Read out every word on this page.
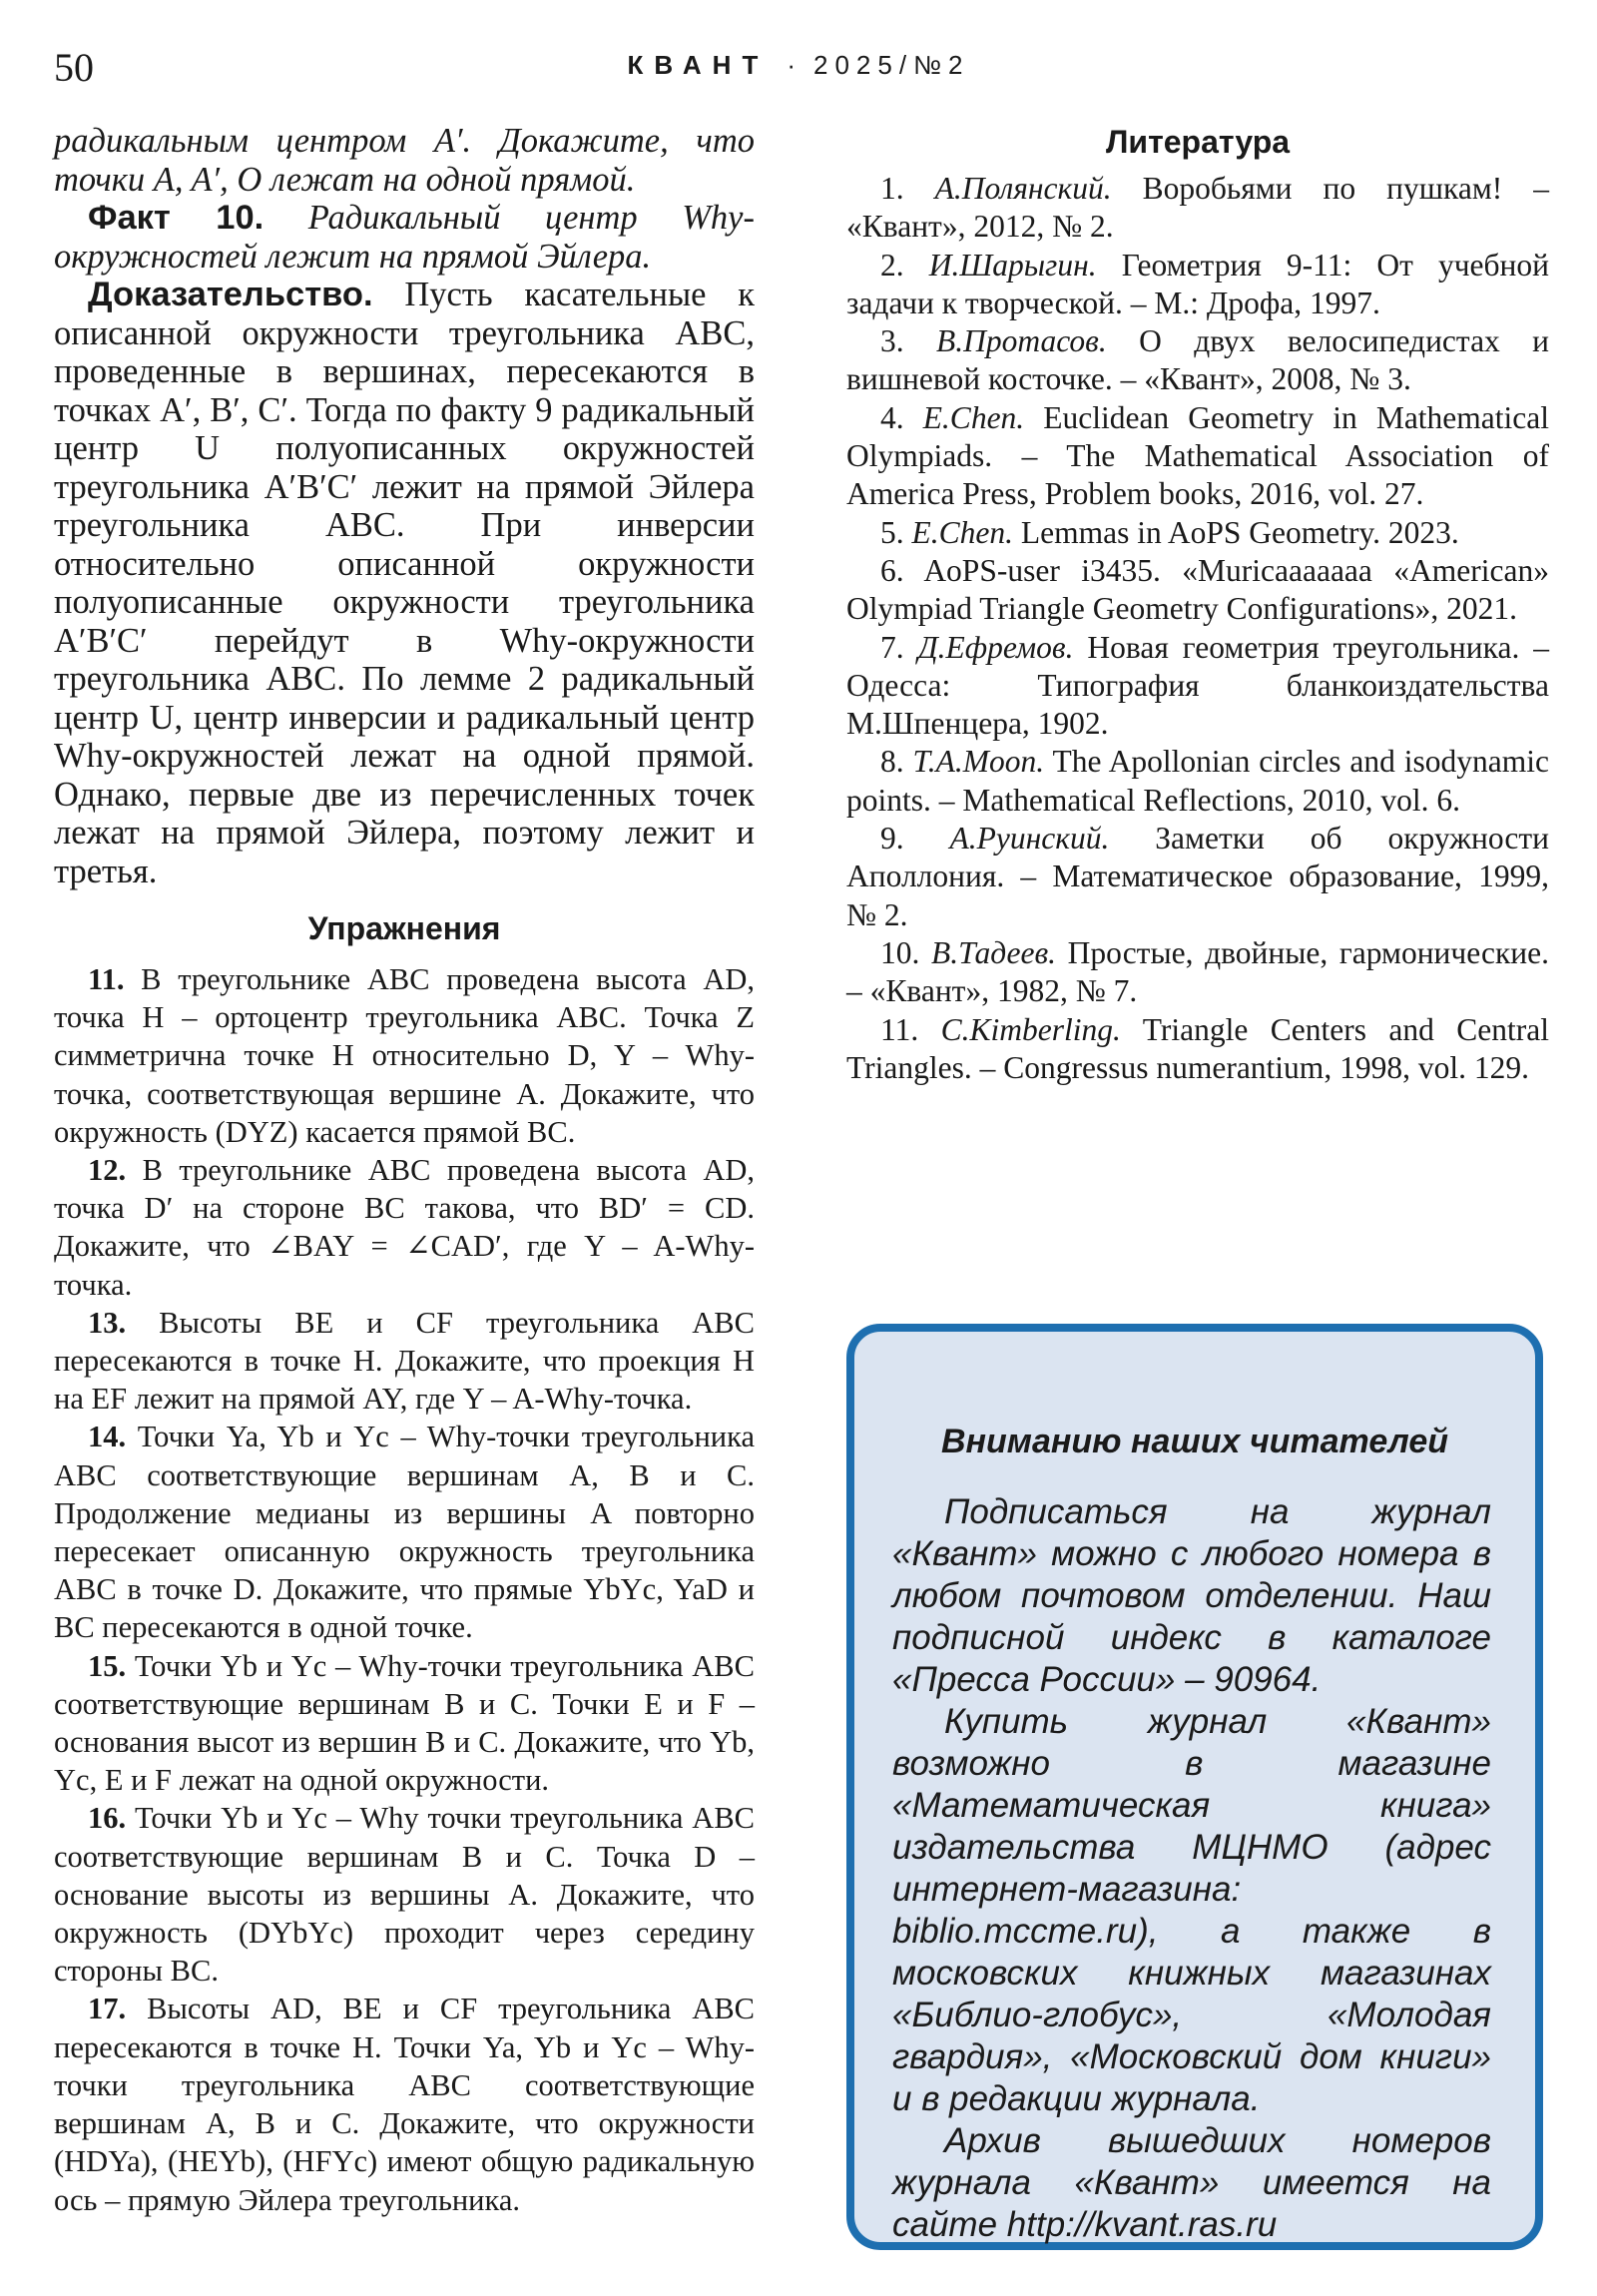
50	КВАНТ · 2025/№2

радикальным центром A′. Докажите, что точки A, A′, O лежат на одной прямой.

Факт 10. Радикальный центр Why-окружностей лежит на прямой Эйлера.

Доказательство. Пусть касательные к описанной окружности треугольника ABC, проведенные в вершинах, пересекаются в точках A′, B′, C′. Тогда по факту 9 радикальный центр U полуописанных окружностей треугольника A′B′C′ лежит на прямой Эйлера треугольника ABC. При инверсии относительно описанной окружности полуописанные окружности треугольника A′B′C′ перейдут в Why-окружности треугольника ABC. По лемме 2 радикальный центр U, центр инверсии и радикальный центр Why-окружностей лежат на одной прямой. Однако, первые две из перечисленных точек лежат на прямой Эйлера, поэтому лежит и третья.

Упражнения

11. В треугольнике ABC проведена высота AD, точка H – ортоцентр треугольника ABC. Точка Z симметрична точке H относительно D, Y – Why-точка, соответствующая вершине A. Докажите, что окружность (DYZ) касается прямой BC.

12. В треугольнике ABC проведена высота AD, точка D′ на стороне BC такова, что BD′ = CD. Докажите, что ∠BAY = ∠CAD′, где Y – A-Why-точка.

13. Высоты BE и CF треугольника ABC пересекаются в точке H. Докажите, что проекция H на EF лежит на прямой AY, где Y – A-Why-точка.

14. Точки Ya, Yb и Yc – Why-точки треугольника ABC соответствующие вершинам A, B и C. Продолжение медианы из вершины A повторно пересекает описанную окружность треугольника ABC в точке D. Докажите, что прямые YbYc, YaD и BC пересекаются в одной точке.

15. Точки Yb и Yc – Why-точки треугольника ABC соответствующие вершинам B и C. Точки E и F – основания высот из вершин B и C. Докажите, что Yb, Yc, E и F лежат на одной окружности.

16. Точки Yb и Yc – Why точки треугольника ABC соответствующие вершинам B и C. Точка D – основание высоты из вершины A. Докажите, что окружность (DYbYc) проходит через середину стороны BC.

17. Высоты AD, BE и CF треугольника ABC пересекаются в точке H. Точки Ya, Yb и Yc – Why-точки треугольника ABC соответствующие вершинам A, B и C. Докажите, что окружности (HDYa), (HEYb), (HFYc) имеют общую радикальную ось – прямую Эйлера треугольника.

Литература

1. А.Полянский. Воробьями по пушкам! – «Квант», 2012, № 2.

2. И.Шарыгин. Геометрия 9-11: От учебной задачи к творческой. – М.: Дрофа, 1997.

3. В.Протасов. О двух велосипедистах и вишневой косточке. – «Квант», 2008, № 3.

4. E.Chen. Euclidean Geometry in Mathematical Olympiads. – The Mathematical Association of America Press, Problem books, 2016, vol. 27.

5. E.Chen. Lemmas in AoPS Geometry. 2023.

6. AoPS-user i3435. «Muricaaaaaaa «American» Olympiad Triangle Geometry Configurations», 2021.

7. Д.Ефремов. Новая геометрия треугольника. – Одесса: Типография бланкоиздательства М.Шпенцера, 1902.

8. T.A.Moon. The Apollonian circles and isodynamic points. – Mathematical Reflections, 2010, vol. 6.

9. А.Руинский. Заметки об окружности Аполлония. – Математическое образование, 1999, № 2.

10. В.Тадеев. Простые, двойные, гармонические. – «Квант», 1982, № 7.

11. C.Kimberling. Triangle Centers and Central Triangles. – Congressus numerantium, 1998, vol. 129.

Вниманию наших читателей

Подписаться на журнал «Квант» можно с любого номера в любом почтовом отделении. Наш подписной индекс в каталоге «Пресса России» – 90964.

Купить журнал «Квант» возможно в магазине «Математическая книга» издательства МЦНМО (адрес интернет-магазина: biblio.mccme.ru), а также в московских книжных магазинах «Библио-глобус», «Молодая гвардия», «Московский дом книги» и в редакции журнала.

Архив вышедших номеров журнала «Квант» имеется на сайте http://kvant.ras.ru
